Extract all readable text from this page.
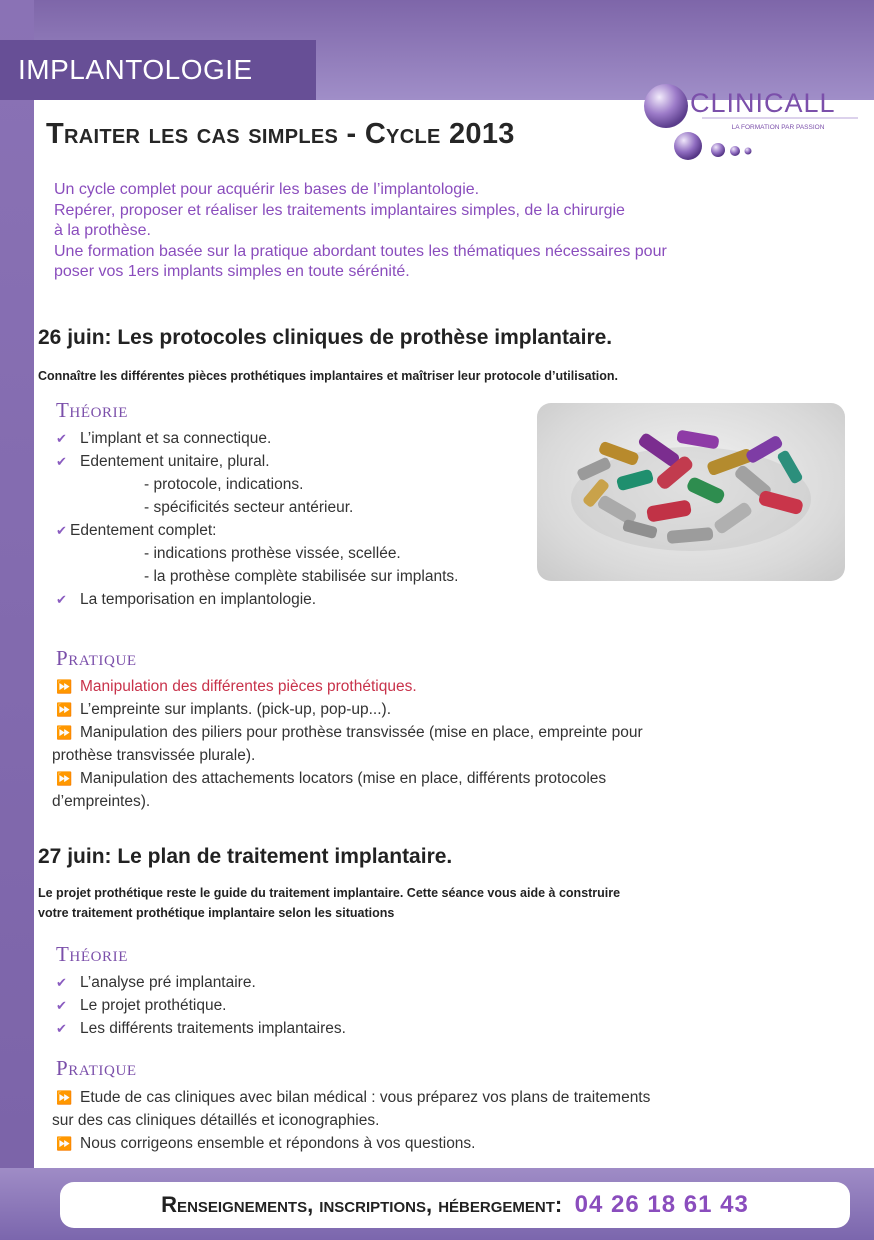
IMPLANTOLOGIE
CLINICALL
LA FORMATION PAR PASSION
Traiter les cas simples - Cycle 2013

Un cycle complet pour acquérir les bases de l’implantologie.

Repérer, proposer et réaliser les traitements implantaires simples, de la chirurgie

à la prothèse.

Une formation basée sur la pratique abordant toutes les thématiques nécessaires pour

poser vos 1ers implants simples en toute sérénité.

26 juin: Les protocoles cliniques de prothèse implantaire.
Connaître les différentes pièces prothétiques implantaires et maîtriser leur protocole d’utilisation.
Théorie
✔ L’implant et sa connectique.
✔ Edentement unitaire, plural.
- protocole, indications.
- spécificités secteur antérieur.
✔ Edentement complet:
- indications prothèse vissée, scellée.
- la prothèse complète stabilisée sur implants.
✔ La temporisation en implantologie.
Pratique
⏩ Manipulation des différentes pièces prothétiques.
⏩ L’empreinte sur implants. (pick-up, pop-up...).
⏩ Manipulation des piliers pour prothèse transvissée (mise en place, empreinte pour
prothèse transvissée plurale).
⏩ Manipulation des attachements locators (mise en place, différents protocoles
d’empreintes).
27 juin: Le plan de traitement implantaire.
Le projet prothétique reste le guide du traitement implantaire. Cette séance vous aide à construire
votre traitement prothétique implantaire selon les situations
Théorie
✔ L’analyse pré implantaire.
✔ Le projet prothétique.
✔ Les différents traitements implantaires.
Pratique
⏩ Etude de cas cliniques avec bilan médical : vous préparez vos plans de traitements
sur des cas cliniques détaillés et iconographies.
⏩ Nous corrigeons ensemble et répondons à vos questions.
Renseignements, inscriptions, hébergement: 04 26 18 61 43
